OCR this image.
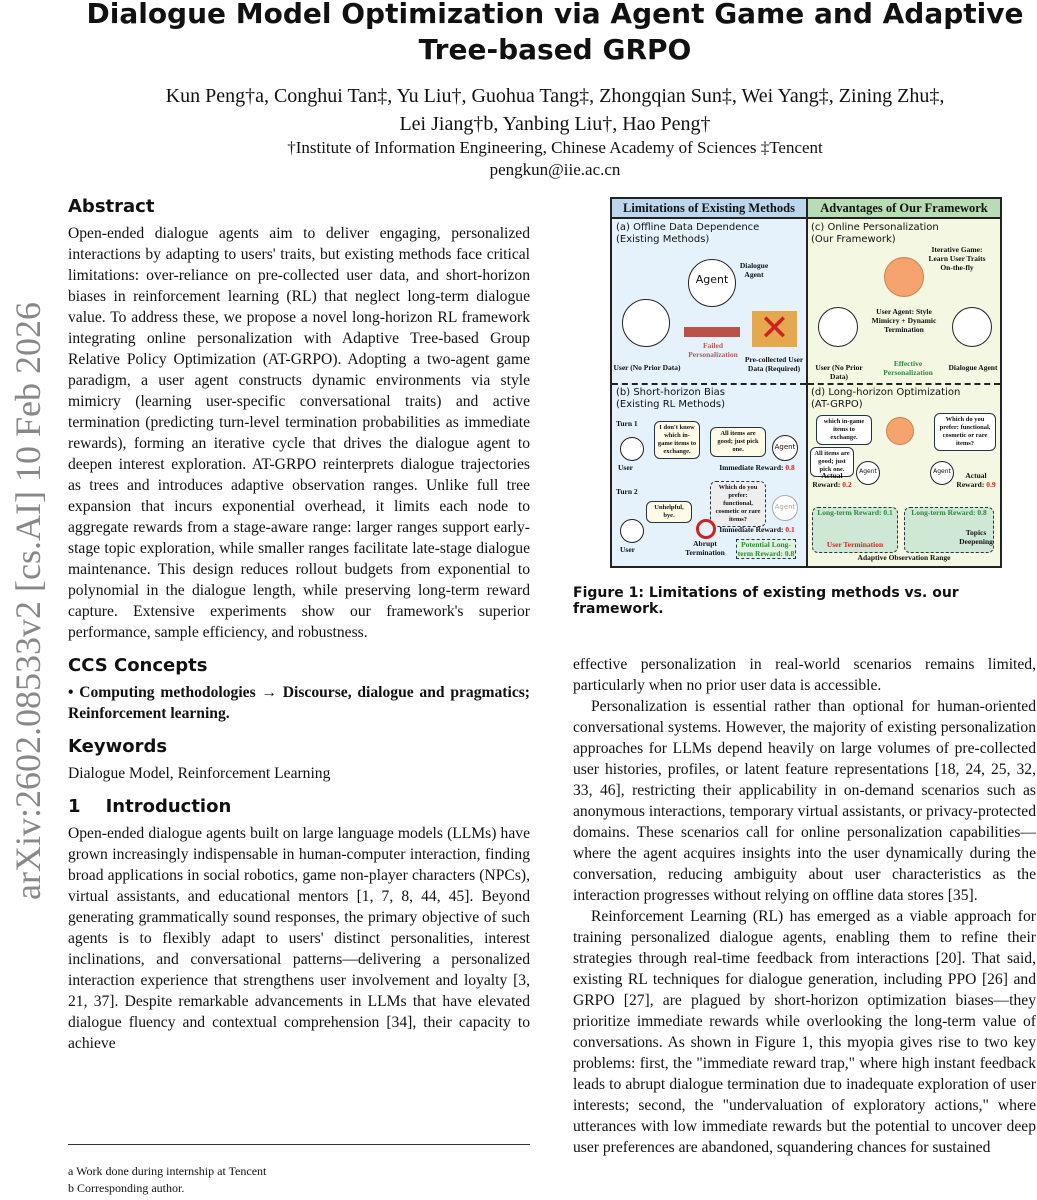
arXiv:2602.08533v2 [cs.AI] 10 Feb 2026
Dialogue Model Optimization via Agent Game and Adaptive Tree-based GRPO
Kun Peng†a, Conghui Tan‡, Yu Liu†, Guohua Tang‡, Zhongqian Sun‡, Wei Yang‡, Zining Zhu‡,
Lei Jiang†b, Yanbing Liu†, Hao Peng†
†Institute of Information Engineering, Chinese Academy of Sciences ‡Tencent
pengkun@iie.ac.cn
Abstract

Open-ended dialogue agents aim to deliver engaging, personalized interactions by adapting to users' traits, but existing methods face critical limitations: over-reliance on pre-collected user data, and short-horizon biases in reinforcement learning (RL) that neglect long-term dialogue value. To address these, we propose a novel long-horizon RL framework integrating online personalization with Adaptive Tree-based Group Relative Policy Optimization (AT-GRPO). Adopting a two-agent game paradigm, a user agent constructs dynamic environments via style mimicry (learning user-specific conversational traits) and active termination (predicting turn-level termination probabilities as immediate rewards), forming an iterative cycle that drives the dialogue agent to deepen interest exploration. AT-GRPO reinterprets dialogue trajectories as trees and introduces adaptive observation ranges. Unlike full tree expansion that incurs exponential overhead, it limits each node to aggregate rewards from a stage-aware range: larger ranges support early-stage topic exploration, while smaller ranges facilitate late-stage dialogue maintenance. This design reduces rollout budgets from exponential to polynomial in the dialogue length, while preserving long-term reward capture. Extensive experiments show our framework's superior performance, sample efficiency, and robustness.

CCS Concepts

• Computing methodologies → Discourse, dialogue and pragmatics; Reinforcement learning.

Keywords

Dialogue Model, Reinforcement Learning

1    Introduction

Open-ended dialogue agents built on large language models (LLMs) have grown increasingly indispensable in human-computer interaction, finding broad applications in social robotics, game non-player characters (NPCs), virtual assistants, and educational mentors [1, 7, 8, 44, 45]. Beyond generating grammatically sound responses, the primary objective of such agents is to flexibly adapt to users' distinct personalities, interest inclinations, and conversational patterns—delivering a personalized interaction experience that strengthens user involvement and loyalty [3, 21, 37]. Despite remarkable advancements in LLMs that have elevated dialogue fluency and contextual comprehension [34], their capacity to achieve

a Work done during internship at Tencent
b Corresponding author.
Limitations of Existing Methods
(a) Offline Data Dependence
(Existing Methods)
Agent
Dialogue Agent
Failed Personalization
✕
User (No Prior Data)
Pre-collected User Data (Required)
(b) Short-horizon Bias
(Existing RL Methods)
Turn 1
User
I don't know which in-game items to exchange.
All items are good; just pick one.	Agent
Immediate Reward: 0.8
Turn 2
Unhelpful, bye.
User
Which do you prefer: functional, cosmetic or rare items?
Agent
Immediate Reward: 0.1
Abrupt Termination
Potential Long-term Reward: 0.8
Advantages of Our Framework
(c) Online Personalization
(Our Framework)
Iterative Game: Learn User Traits On-the-fly
User Agent: Style Mimicry + Dynamic Termination
User (No Prior Data)
Effective Personalization
Dialogue Agent
(d) Long-horizon Optimization
(AT-GRPO)
which in-game items to exchange.
Which do you prefer: functional, cosmetic or rare items?
All items are good; just pick one.	Agent	Agent
Actual Reward: 0.2
Actual Reward: 0.9
Long-term Reward: 0.1
User Termination
Long-term Reward: 0.8
Topics Deepening
Adaptive Observation Range
Figure 1: Limitations of existing methods vs. our framework.

effective personalization in real-world scenarios remains limited, particularly when no prior user data is accessible.

Personalization is essential rather than optional for human-oriented conversational systems. However, the majority of existing personalization approaches for LLMs depend heavily on large volumes of pre-collected user histories, profiles, or latent feature representations [18, 24, 25, 32, 33, 46], restricting their applicability in on-demand scenarios such as anonymous interactions, temporary virtual assistants, or privacy-protected domains. These scenarios call for online personalization capabilities—where the agent acquires insights into the user dynamically during the conversation, reducing ambiguity about user characteristics as the interaction progresses without relying on offline data stores [35].

Reinforcement Learning (RL) has emerged as a viable approach for training personalized dialogue agents, enabling them to refine their strategies through real-time feedback from interactions [20]. That said, existing RL techniques for dialogue generation, including PPO [26] and GRPO [27], are plagued by short-horizon optimization biases—they prioritize immediate rewards while overlooking the long-term value of conversations. As shown in Figure 1, this myopia gives rise to two key problems: first, the "immediate reward trap," where high instant feedback leads to abrupt dialogue termination due to inadequate exploration of user interests; second, the "undervaluation of exploratory actions," where utterances with low immediate rewards but the potential to uncover deep user preferences are abandoned, squandering chances for sustained
